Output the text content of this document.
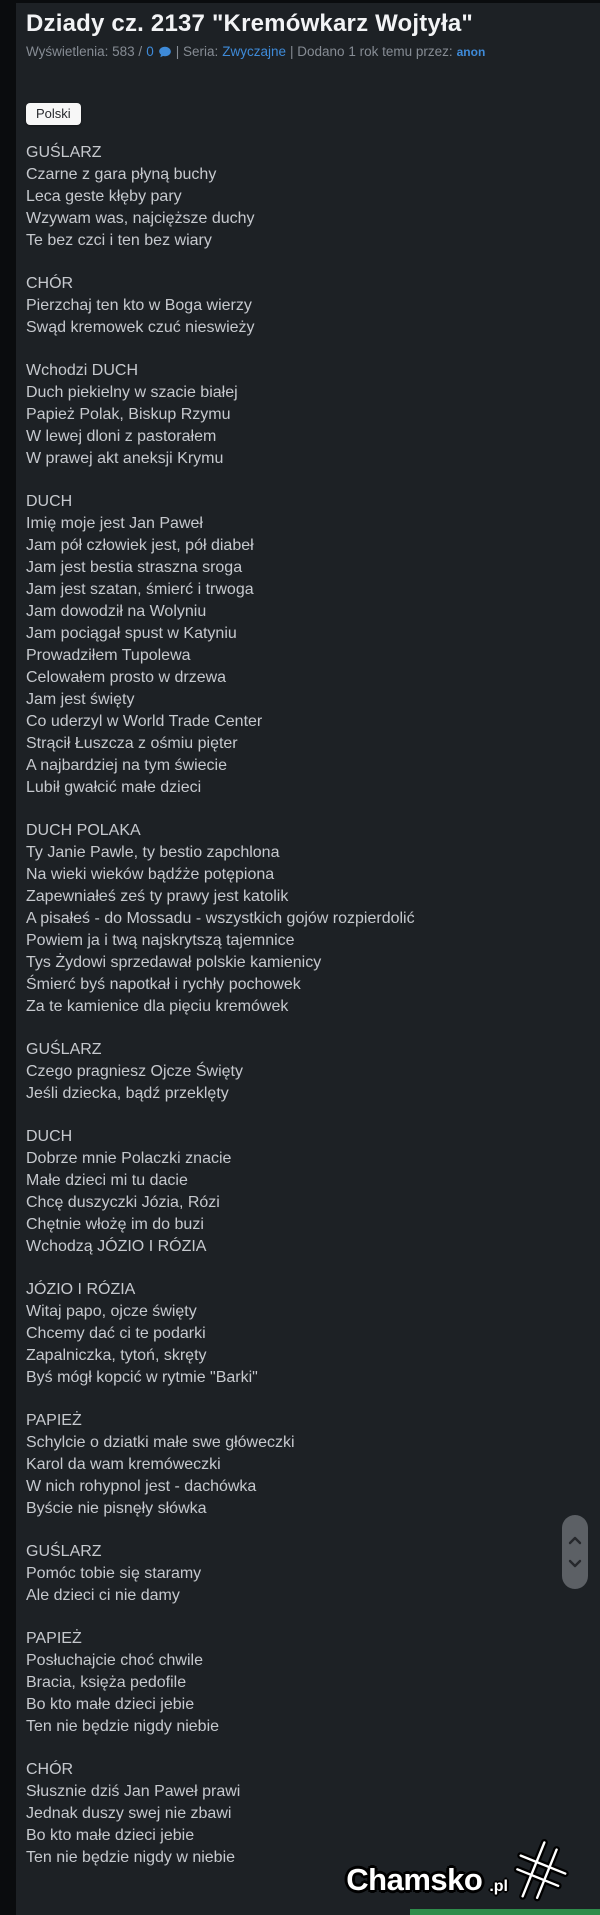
Dziady cz. 2137 "Kremówkarz Wojtyła"
Wyświetlenia: 583 / 0 | Seria: Zwyczajne | Dodano 1 rok temu przez: anon
Polski
GUŚLARZ
Czarne z gara płyną buchy
Leca geste kłęby pary
Wzywam was, najcięższe duchy
Te bez czci i ten bez wiary
CHÓR
Pierzchaj ten kto w Boga wierzy
Swąd kremowek czuć nieswieży
Wchodzi DUCH
Duch piekielny w szacie białej
Papież Polak, Biskup Rzymu
W lewej dloni z pastorałem
W prawej akt aneksji Krymu
DUCH
Imię moje jest Jan Paweł
Jam pół człowiek jest, pół diabeł
Jam jest bestia straszna sroga
Jam jest szatan, śmierć i trwoga
Jam dowodził na Wolyniu
Jam pociągał spust w Katyniu
Prowadziłem Tupolewa
Celowałem prosto w drzewa
Jam jest święty
Co uderzyl w World Trade Center
Strącił Łuszcza z ośmiu pięter
A najbardziej na tym świecie
Lubił gwałcić małe dzieci
DUCH POLAKA
Ty Janie Pawle, ty bestio zapchlona
Na wieki wieków bądźże potępiona
Zapewniałeś ześ ty prawy jest katolik
A pisałeś - do Mossadu - wszystkich gojów rozpierdolić
Powiem ja i twą najskrytszą tajemnice
Tys Żydowi sprzedawał polskie kamienicy
Śmierć byś napotkał i rychły pochowek
Za te kamienice dla pięciu kremówek
GUŚLARZ
Czego pragniesz Ojcze Święty
Jeśli dziecka, bądź przeklęty
DUCH
Dobrze mnie Polaczki znacie
Małe dzieci mi tu dacie
Chcę duszyczki Józia, Rózi
Chętnie włożę im do buzi
Wchodzą JÓZIO I RÓZIA
JÓZIO I RÓZIA
Witaj papo, ojcze święty
Chcemy dać ci te podarki
Zapalniczka, tytoń, skręty
Byś mógł kopcić w rytmie "Barki"
PAPIEŻ
Schylcie o dziatki małe swe główeczki
Karol da wam kremóweczki
W nich rohypnol jest - dachówka
Byście nie pisnęły słówka
GUŚLARZ
Pomóc tobie się staramy
Ale dzieci ci nie damy
PAPIEŻ
Posłuchajcie choć chwile
Bracia, księża pedofile
Bo kto małe dzieci jebie
Ten nie będzie nigdy niebie
CHÓR
Słusznie dziś Jan Paweł prawi
Jednak duszy swej nie zbawi
Bo kto małe dzieci jebie
Ten nie będzie nigdy w niebie
Chamsko .pl
